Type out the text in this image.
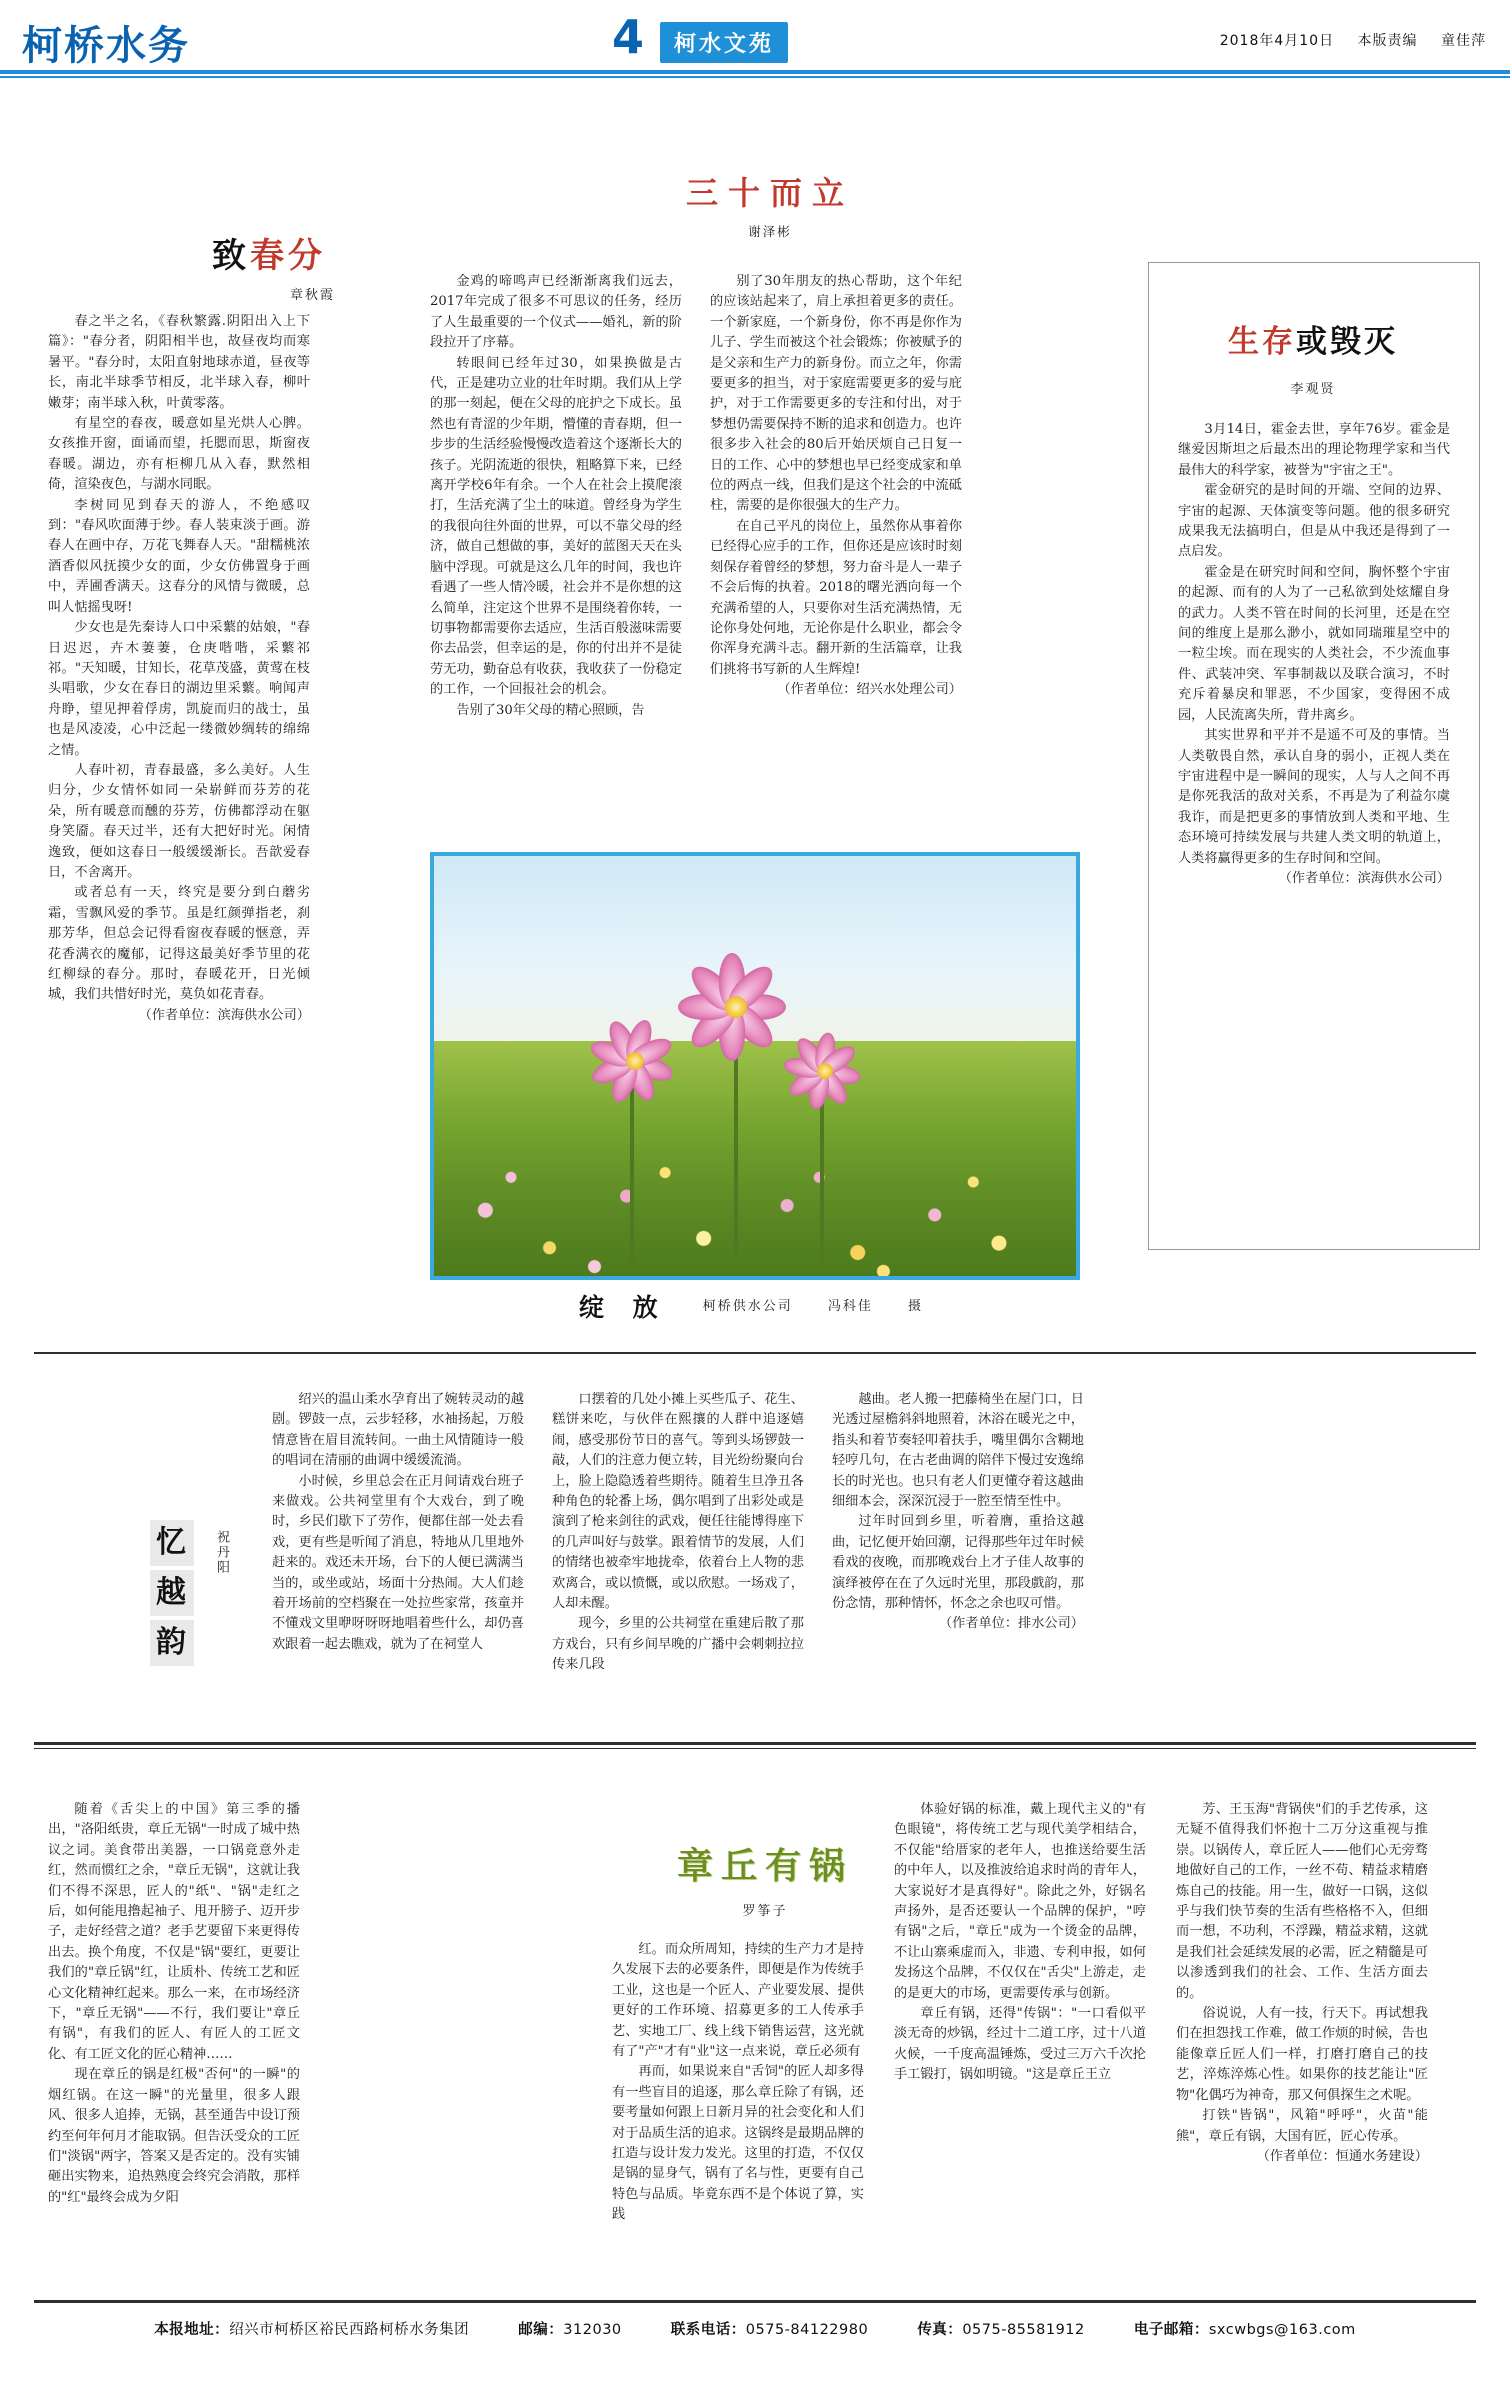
柯桥水务	4	柯水文苑	2018年4月10日 本版责编 童佳萍
致春分
章秋霞

春之半之名，《春秋繁露.阴阳出入上下篇》："春分者，阴阳相半也，故昼夜均而寒暑平。"春分时，太阳直射地球赤道，昼夜等长，南北半球季节相反，北半球入春，柳叶嫩芽；南半球入秋，叶黄零落。

有星空的春夜，暖意如星光烘人心脾。女孩推开窗，面诵而望，托腮而思，斯窗夜春暖。湖边，亦有柜柳几从入春，默然相倚，渲染夜色，与湖水同眠。

李树同见到春天的游人，不绝感叹到："春风吹面薄于纱。春人装束淡于画。游春人在画中存，万花飞舞春人天。"甜糯桃浓酒香似风抚摸少女的面，少女仿佛置身于画中，弄圃香满天。这春分的风情与微暖，总叫人惦摇曳呀!

少女也是先秦诗人口中采蘩的姑娘，"春日迟迟，卉木萋萋，仓庚喈喈，采蘩祁祁。"天知暖，甘知长，花草茂盛，黄莺在枝头唱歌，少女在春日的湖边里采蘩。响闻声舟睁，望见押着俘虏，凯旋而归的战士，虽也是风凌凌，心中泛起一缕微妙绸转的绵绵之情。

人春叶初，青春最盛，多么美好。人生归分，少女情怀如同一朵崭鲜而芬芳的花朵，所有暖意而醺的芬芳，仿佛都浮动在躯身笑靥。春天过半，还有大把好时光。闲情逸致，便如这春日一般缓缓渐长。吾歆爱春日，不舍离开。

或者总有一天，终究是要分到白蘑劣霜，雪飘风爱的季节。虽是红颜弹指老，刹那芳华，但总会记得看窗夜春暖的惬意，弄花香满衣的魔郁，记得这最美好季节里的花红柳绿的春分。那时，春暖花开，日光倾城，我们共惜好时光，莫负如花青春。

（作者单位：滨海供水公司）

三十而立
谢泽彬

金鸡的啼鸣声已经渐渐离我们远去，2017年完成了很多不可思议的任务，经历了人生最重要的一个仪式——婚礼，新的阶段拉开了序幕。

转眼间已经年过30，如果换做是古代，正是建功立业的壮年时期。我们从上学的那一刻起，便在父母的庇护之下成长。虽然也有青涩的少年期，懵懂的青春期，但一步步的生活经验慢慢改造着这个逐渐长大的孩子。光阴流逝的很快，粗略算下来，已经离开学校6年有余。一个人在社会上摸爬滚打，生活充满了尘土的味道。曾经身为学生的我很向往外面的世界，可以不靠父母的经济，做自己想做的事，美好的蓝图天天在头脑中浮现。可就是这么几年的时间，我也许看遇了一些人情冷暖，社会并不是你想的这么简单，注定这个世界不是围绕着你转，一切事物都需要你去适应，生活百般滋味需要你去品尝，但幸运的是，你的付出并不是徒劳无功，勤奋总有收获，我收获了一份稳定的工作，一个回报社会的机会。

告别了30年父母的精心照顾，告

别了30年朋友的热心帮助，这个年纪的应该站起来了，肩上承担着更多的责任。一个新家庭，一个新身份，你不再是你作为儿子、学生而被这个社会锻炼；你被赋予的是父亲和生产力的新身份。而立之年，你需要更多的担当，对于家庭需要更多的爱与庇护，对于工作需要更多的专注和付出，对于梦想仍需要保持不断的追求和创造力。也许很多步入社会的80后开始厌烦自己日复一日的工作、心中的梦想也早已经变成家和单位的两点一线，但我们是这个社会的中流砥柱，需要的是你很强大的生产力。

在自己平凡的岗位上，虽然你从事着你已经得心应手的工作，但你还是应该时时刻刻保存着曾经的梦想，努力奋斗是人一辈子不会后悔的执着。2018的曙光洒向每一个充满希望的人，只要你对生活充满热情，无论你身处何地，无论你是什么职业，都会令你浑身充满斗志。翻开新的生活篇章，让我们挑将书写新的人生辉煌!

（作者单位：绍兴水处理公司）

绽 放	柯桥供水公司	冯科佳	摄
生存或毁灭
李观贤

3月14日，霍金去世，享年76岁。霍金是继爱因斯坦之后最杰出的理论物理学家和当代最伟大的科学家，被誉为"宇宙之王"。

霍金研究的是时间的开端、空间的边界、宇宙的起源、天体演变等问题。他的很多研究成果我无法搞明白，但是从中我还是得到了一点启发。

霍金是在研究时间和空间，胸怀整个宇宙的起源、而有的人为了一己私欲到处炫耀自身的武力。人类不管在时间的长河里，还是在空间的维度上是那么渺小，就如同瑞璀星空中的一粒尘埃。而在现实的人类社会，不少流血事件、武装冲突、军事制裁以及联合演习，不时充斥着暴戾和罪恶，不少国家，变得困不成园，人民流离失所，背井离乡。

其实世界和平并不是遥不可及的事情。当人类敬畏自然，承认自身的弱小，正视人类在宇宙进程中是一瞬间的现实，人与人之间不再是你死我活的敌对关系，不再是为了利益尔虞我诈，而是把更多的事情放到人类和平地、生态环境可持续发展与共建人类文明的轨道上，人类将赢得更多的生存时间和空间。

（作者单位：滨海供水公司）

忆
越
韵
祝丹阳

绍兴的温山柔水孕育出了婉转灵动的越剧。锣鼓一点，云步轻移，水袖扬起，万般情意皆在眉目流转间。一曲土风情随诗一般的唱词在清丽的曲调中缓缓流淌。

小时候，乡里总会在正月间请戏台班子来做戏。公共祠堂里有个大戏台，到了晚时，乡民们歇下了劳作，便都住部一处去看戏，更有些是听闻了消息，特地从几里地外赶来的。戏还未开场，台下的人便已满满当当的，或坐或站，场面十分热闹。大人们趁着开场前的空档聚在一处拉些家常，孩童并不懂戏文里咿呀呀呀地唱着些什么，却仍喜欢跟着一起去瞧戏，就为了在祠堂人

口摆着的几处小摊上买些瓜子、花生、糕饼来吃，与伙伴在熙攘的人群中追逐嬉闹，感受那份节日的喜气。等到头场锣鼓一敲，人们的注意力便立转，目光纷纷聚向台上，脸上隐隐透着些期待。随着生旦净丑各种角色的轮番上场，偶尔唱到了出彩处或是演到了枪来剑往的武戏，便任往能博得座下的几声叫好与鼓掌。跟着情节的发展，人们的情绪也被牵牢地拢牵，依着台上人物的悲欢离合，或以愤慨，或以欣慰。一场戏了，人却未醒。

现今，乡里的公共祠堂在重建后散了那方戏台，只有乡间早晚的广播中会刺刺拉拉传来几段

越曲。老人搬一把藤椅坐在屋门口，日光透过屋檐斜斜地照着，沐浴在暖光之中，指头和着节奏轻叩着扶手，嘴里偶尔含糊地轻哼几句，在古老曲调的陪伴下慢过安逸绵长的时光也。也只有老人们更懂夺着这越曲细细本会，深深沉浸于一腔至情至性中。

过年时回到乡里，听着膺，重拾这越曲，记忆便开始回潮，记得那些年过年时候看戏的夜晚，而那晚戏台上才子佳人故事的演绎被停在在了久远时光里，那段戲韵，那份念情，那种情怀，怀念之余也叹可惜。

（作者单位：排水公司）

章丘有锅
罗筝子

随着《舌尖上的中国》第三季的播出，"洛阳纸贵，章丘无锅"一时成了城中热议之词。美食带出美器，一口锅竟意外走红，然而惯红之余，"章丘无锅"，这就让我们不得不深思，匠人的"纸"、"锅"走红之后，如何能甩撸起袖子、甩开膀子、迈开步子，走好经营之道？老手艺要留下来更得传出去。换个角度，不仅是"锅"要红，更要让我们的"章丘锅"红，让质朴、传统工艺和匠心文化精神红起来。那么一来，在市场经济下，"章丘无锅"——不行，我们要让"章丘有锅"，有我们的匠人、有匠人的工匠文化、有工匠文化的匠心精神……

现在章丘的锅是红极"否何"的一瞬"的烟红锅。在这一瞬"的光量里，很多人跟风、很多人追捧，无锅，甚至通告中设订预约至何年何月才能取锅。但告沃受众的工匠们"淡锅"两字，答案又是否定的。没有实铺砸出实物来，追热熟度会终究会消散，那样的"红"最终会成为夕阳

红。而众所周知，持续的生产力才是持久发展下去的必要条件，即便是作为传统手工业，这也是一个匠人、产业要发展、提供更好的工作环境、招募更多的工人传承手艺、实地工厂、线上线下销售运营，这光就有了"产"才有"业"这一点来说，章丘必须有

再而，如果说来自"舌饲"的匠人却多得有一些盲目的追逐，那么章丘除了有锅，还要考量如何跟上日新月异的社会变化和人们对于品质生活的追求。这锅终是最期品牌的扛造与设计发力发光。这里的打造，不仅仅是锅的显身气，锅有了名与性，更要有自己特色与品质。毕竟东西不是个体说了算，实践

体验好锅的标准，戴上现代主义的"有色眼镜"，将传统工艺与现代美学相结合，不仅能"给厝家的老年人，也推送给要生活的中年人，以及推波给追求时尚的青年人，大家说好才是真得好"。除此之外，好锅名声扬外，是否还要认一个品牌的保护，"哼有锅"之后，"章丘"成为一个烫金的品牌，不让山寨乘虚而入，非遗、专利申报，如何发扬这个品牌，不仅仅在"舌尖"上游走，走的是更大的市场，更需要传承与创新。

章丘有锅，还得"传锅"："一口看似平淡无奇的炒锅，经过十二道工序，过十八道火候，一千度高温锤炼，受过三万六千次抡手工锻打，锅如明镜。"这是章丘王立

芳、王玉海"背锅侠"们的手艺传承，这无疑不值得我们怀抱十二万分这重视与推崇。以锅传人，章丘匠人——他们心无旁骛地做好自己的工作，一丝不苟、精益求精磨炼自己的技能。用一生，做好一口锅，这似乎与我们快节奏的生活有些格格不入，但细而一想，不功利，不浮躁，精益求精，这就是我们社会延续发展的必需，匠之精髓是可以渗透到我们的社会、工作、生活方面去的。

俗说说，人有一技，行天下。再试想我们在担怨找工作难，做工作烦的时候，告也能像章丘匠人们一样，打磨打磨自己的技艺，淬炼淬炼心性。如果你的技艺能让"匠物"化偶巧为神奇，那又何俱探生之术呢。

打铁"皆锅"，风箱"呼呼"，火苗"能熊"，章丘有锅，大国有匠，匠心传承。

（作者单位：恒通水务建设）

本报地址：绍兴市柯桥区裕民西路柯桥水务集团	邮编：312030	联系电话：0575-84122980	传真：0575-85581912	电子邮箱：sxcwbgs@163.com
